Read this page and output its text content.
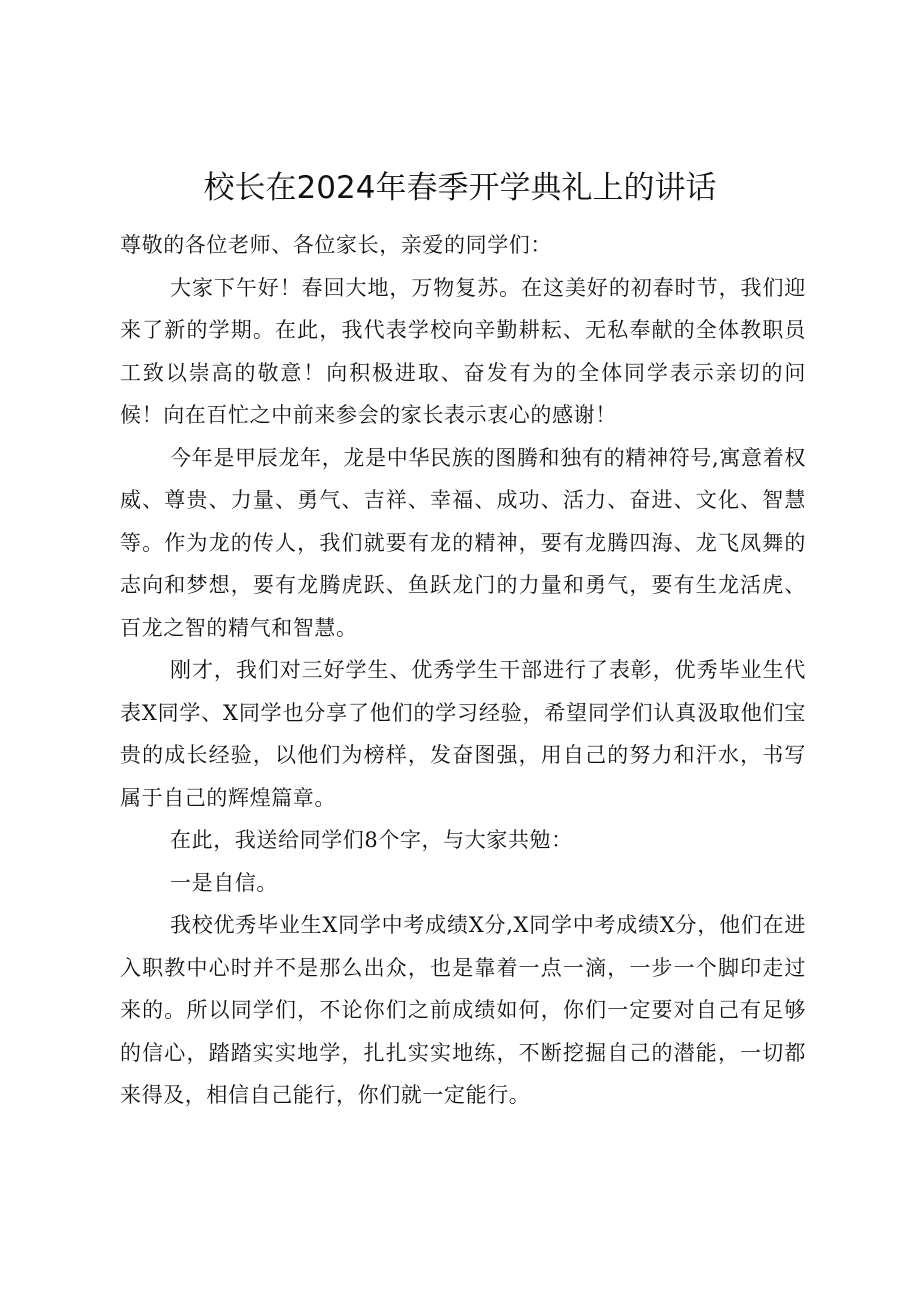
校长在2024年春季开学典礼上的讲话

尊敬的各位老师、各位家长，亲爱的同学们：

大家下午好！春回大地，万物复苏。在这美好的初春时节，我们迎来了新的学期。在此，我代表学校向辛勤耕耘、无私奉献的全体教职员工致以崇高的敬意！向积极进取、奋发有为的全体同学表示亲切的问候！向在百忙之中前来参会的家长表示衷心的感谢！

今年是甲辰龙年，龙是中华民族的图腾和独有的精神符号,寓意着权威、尊贵、力量、勇气、吉祥、幸福、成功、活力、奋进、文化、智慧等。作为龙的传人，我们就要有龙的精神，要有龙腾四海、龙飞凤舞的志向和梦想，要有龙腾虎跃、鱼跃龙门的力量和勇气，要有生龙活虎、百龙之智的精气和智慧。

刚才，我们对三好学生、优秀学生干部进行了表彰，优秀毕业生代表X同学、X同学也分享了他们的学习经验，希望同学们认真汲取他们宝贵的成长经验，以他们为榜样，发奋图强，用自己的努力和汗水，书写属于自己的辉煌篇章。

在此，我送给同学们8个字，与大家共勉：

一是自信。

我校优秀毕业生X同学中考成绩X分,X同学中考成绩X分，他们在进入职教中心时并不是那么出众，也是靠着一点一滴，一步一个脚印走过来的。所以同学们，不论你们之前成绩如何，你们一定要对自己有足够的信心，踏踏实实地学，扎扎实实地练，不断挖掘自己的潜能，一切都来得及，相信自己能行，你们就一定能行。
